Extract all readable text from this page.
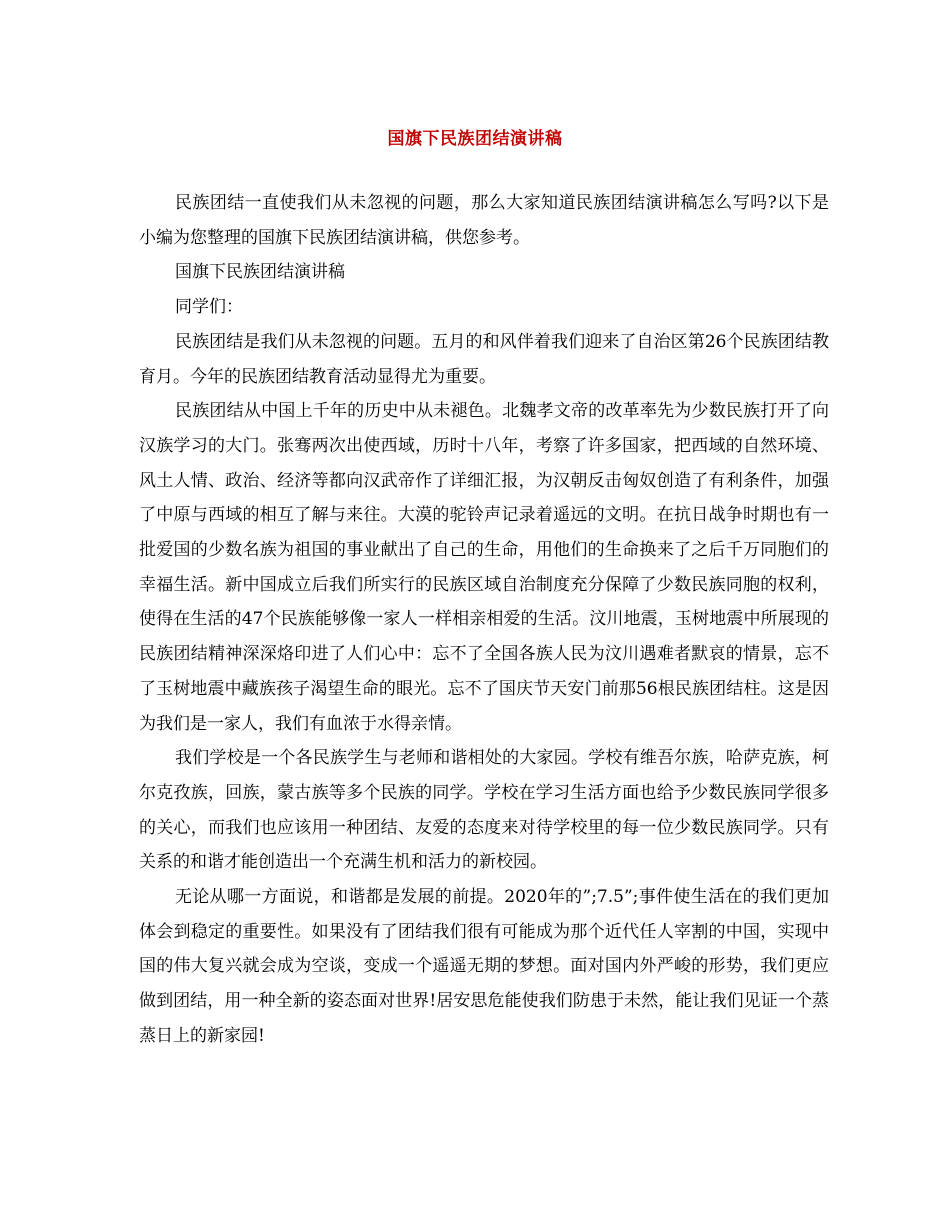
国旗下民族团结演讲稿

民族团结一直使我们从未忽视的问题，那么大家知道民族团结演讲稿怎么写吗?以下是小编为您整理的国旗下民族团结演讲稿，供您参考。

国旗下民族团结演讲稿

同学们：

民族团结是我们从未忽视的问题。五月的和风伴着我们迎来了自治区第26个民族团结教育月。今年的民族团结教育活动显得尤为重要。

民族团结从中国上千年的历史中从未褪色。北魏孝文帝的改革率先为少数民族打开了向汉族学习的大门。张骞两次出使西域，历时十八年，考察了许多国家，把西域的自然环境、风土人情、政治、经济等都向汉武帝作了详细汇报，为汉朝反击匈奴创造了有利条件，加强了中原与西域的相互了解与来往。大漠的驼铃声记录着遥远的文明。在抗日战争时期也有一批爱国的少数名族为祖国的事业献出了自己的生命，用他们的生命换来了之后千万同胞们的幸福生活。新中国成立后我们所实行的民族区域自治制度充分保障了少数民族同胞的权利，使得在生活的47个民族能够像一家人一样相亲相爱的生活。汶川地震，玉树地震中所展现的民族团结精神深深烙印进了人们心中：忘不了全国各族人民为汶川遇难者默哀的情景，忘不了玉树地震中藏族孩子渴望生命的眼光。忘不了国庆节天安门前那56根民族团结柱。这是因为我们是一家人，我们有血浓于水得亲情。

我们学校是一个各民族学生与老师和谐相处的大家园。学校有维吾尔族，哈萨克族，柯尔克孜族，回族，蒙古族等多个民族的同学。学校在学习生活方面也给予少数民族同学很多的关心，而我们也应该用一种团结、友爱的态度来对待学校里的每一位少数民族同学。只有关系的和谐才能创造出一个充满生机和活力的新校园。

无论从哪一方面说，和谐都是发展的前提。2020年的”;7.5”;事件使生活在的我们更加体会到稳定的重要性。如果没有了团结我们很有可能成为那个近代任人宰割的中国，实现中国的伟大复兴就会成为空谈，变成一个遥遥无期的梦想。面对国内外严峻的形势，我们更应做到团结，用一种全新的姿态面对世界!居安思危能使我们防患于未然，能让我们见证一个蒸蒸日上的新家园!
